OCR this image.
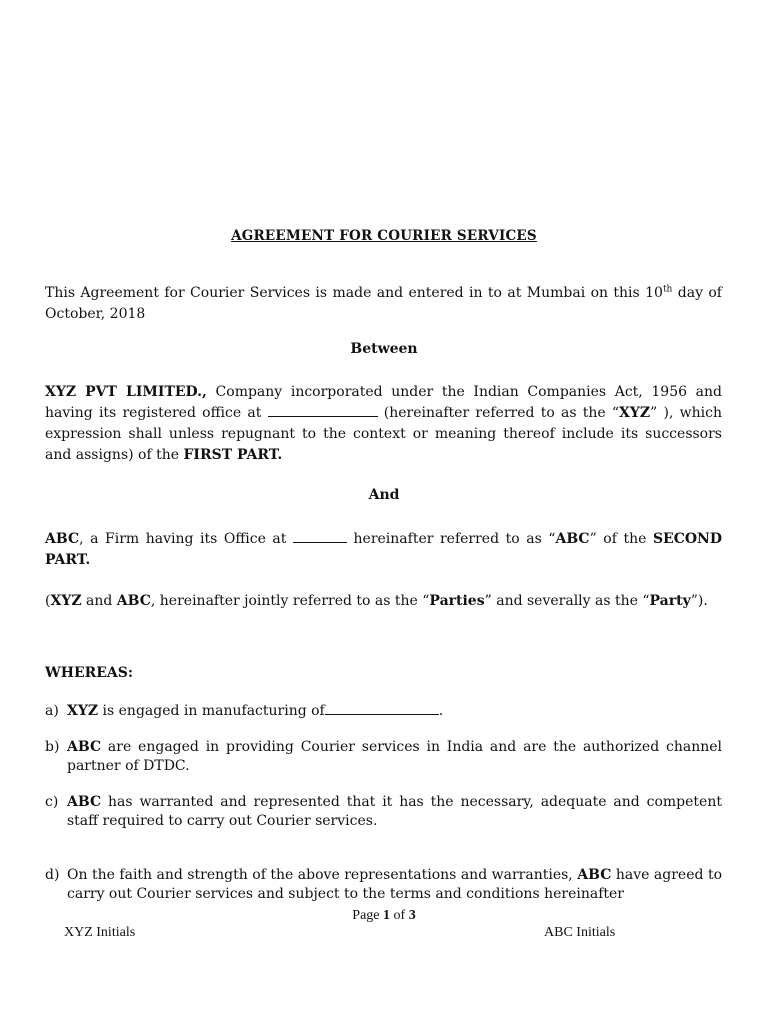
AGREEMENT FOR COURIER SERVICES
This Agreement for Courier Services is made and entered in to at Mumbai on this 10th day of October, 2018
Between
XYZ PVT LIMITED., Company incorporated under the Indian Companies Act, 1956 and having its registered office at	(hereinafter referred to as the “XYZ” ), which expression shall unless repugnant to the context or meaning thereof include its successors and assigns) of the FIRST PART.
And
ABC, a Firm having its Office at	hereinafter referred to as “ABC” of the SECOND PART.
(XYZ and ABC, hereinafter jointly referred to as the “Parties” and severally as the “Party”).
WHEREAS:
a) XYZ is engaged in manufacturing of	.
b) ABC are engaged in providing Courier services in India and are the authorized channel partner of DTDC.
c) ABC has warranted and represented that it has the necessary, adequate and competent staff required to carry out Courier services.
d) On the faith and strength of the above representations and warranties, ABC have agreed to carry out Courier services and subject to the terms and conditions hereinafter
Page 1 of 3
XYZ Initials	ABC Initials
